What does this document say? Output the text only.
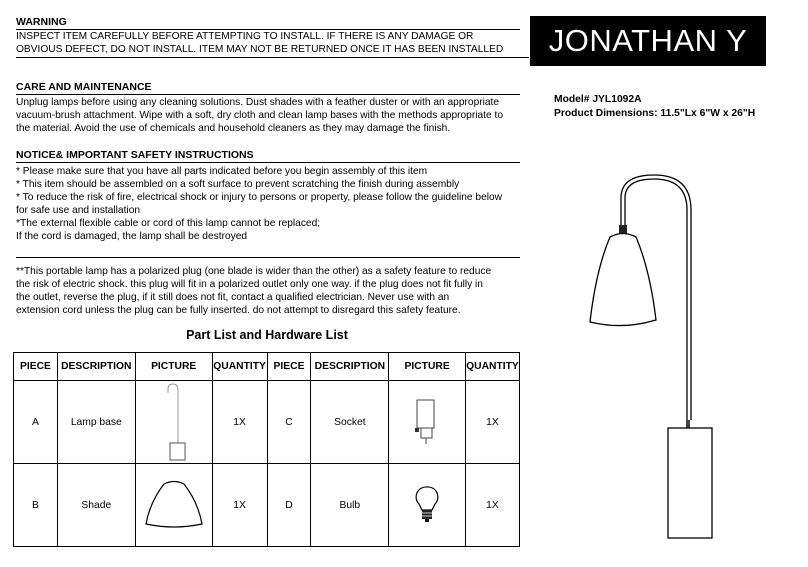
WARNING
INSPECT ITEM CAREFULLY BEFORE ATTEMPTING TO INSTALL. IF THERE IS ANY DAMAGE OR
OBVIOUS DEFECT, DO NOT INSTALL. ITEM MAY NOT BE RETURNED ONCE IT HAS BEEN INSTALLED	JONATHAN Y
CARE AND MAINTENANCE
Unplug lamps before using any cleaning solutions. Dust shades with a feather duster or with an appropriate
vacuum-brush attachment. Wipe with a soft, dry cloth and clean lamp bases with the methods appropriate to
the material. Avoid the use of chemicals and household cleaners as they may damage the finish.
Model# JYL1092A
Product Dimensions: 11.5"Lx 6"W x 26"H
NOTICE& IMPORTANT SAFETY INSTRUCTIONS
* Please make sure that you have all parts indicated before you begin assembly of this item
* This item should be assembled on a soft surface to prevent scratching the finish during assembly
* To reduce the risk of fire, electrical shock or injury to persons or property, please follow the guideline below
for safe use and installation
*The external flexible cable or cord of this lamp cannot be replaced;
If the cord is damaged, the lamp shall be destroyed
**This portable lamp has a polarized plug (one blade is wider than the other) as a safety feature to reduce
the risk of electric shock. this plug will fit in a polarized outlet only one way. if the plug does not fit fully in
the outlet, reverse the plug, if it still does not fit, contact a qualified electrician. Never use with an
extension cord unless the plug can be fully inserted. do not attempt to disregard this safety feature.
Part List and Hardware List
PIECE	DESCRIPTION	PICTURE	QUANTITY	PIECE	DESCRIPTION	PICTURE	QUANTITY
A	Lamp base		1X	C	Socket		1X
B	Shade		1X	D	Bulb		1X
